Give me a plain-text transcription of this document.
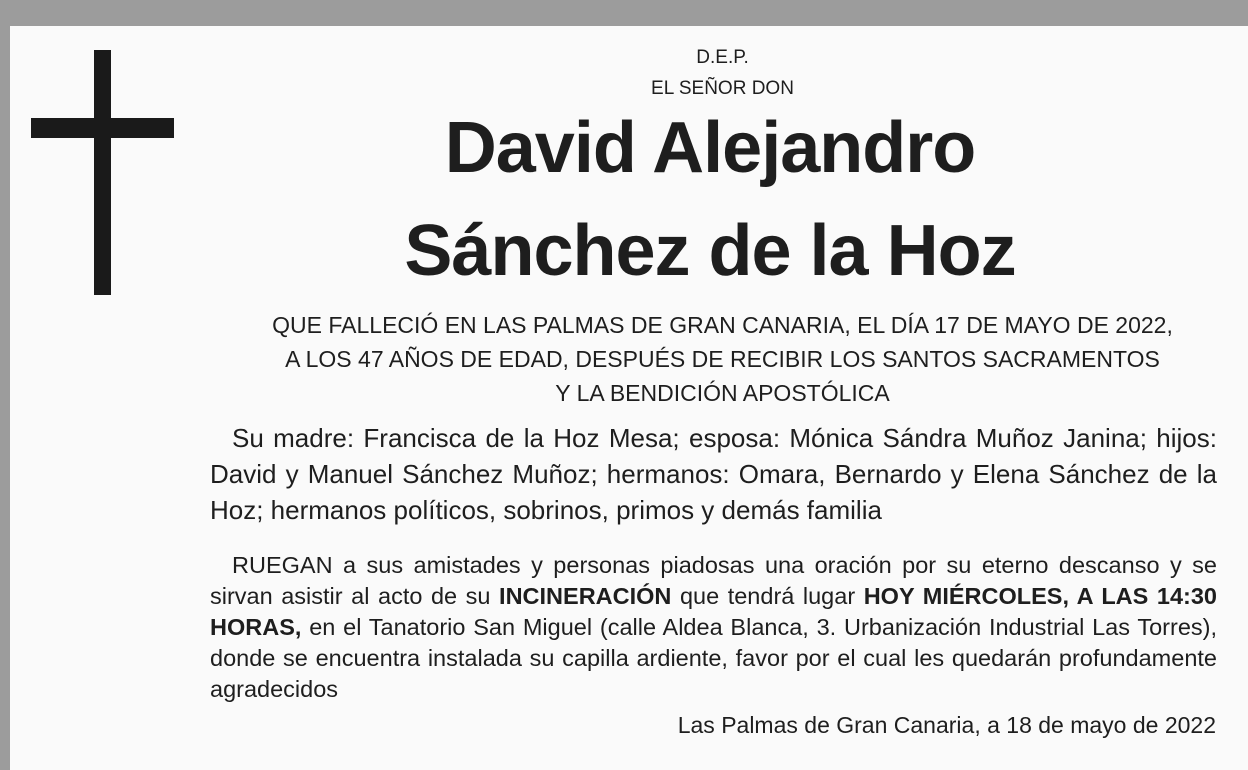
D.E.P.
EL SEÑOR DON
David Alejandro
Sánchez de la Hoz
QUE FALLECIÓ EN LAS PALMAS DE GRAN CANARIA, EL DÍA 17 DE MAYO DE 2022,
A LOS 47 AÑOS DE EDAD, DESPUÉS DE RECIBIR LOS SANTOS SACRAMENTOS
Y LA BENDICIÓN APOSTÓLICA
Su madre: Francisca de la Hoz Mesa; esposa: Mónica Sándra Muñoz Janina; hijos: David y Manuel Sánchez Muñoz; hermanos: Omara, Bernardo y Elena Sánchez de la Hoz; hermanos políticos, sobrinos, primos y demás familia
RUEGAN a sus amistades y personas piadosas una oración por su eterno descanso y se sirvan asistir al acto de su INCINERACIÓN que tendrá lugar HOY MIÉRCOLES, A LAS 14:30 HORAS, en el Tanatorio San Miguel (calle Aldea Blanca, 3. Urbanización Industrial Las Torres), donde se encuentra instalada su capilla ardiente, favor por el cual les quedarán profundamente agradecidos
Las Palmas de Gran Canaria, a 18 de mayo de 2022
